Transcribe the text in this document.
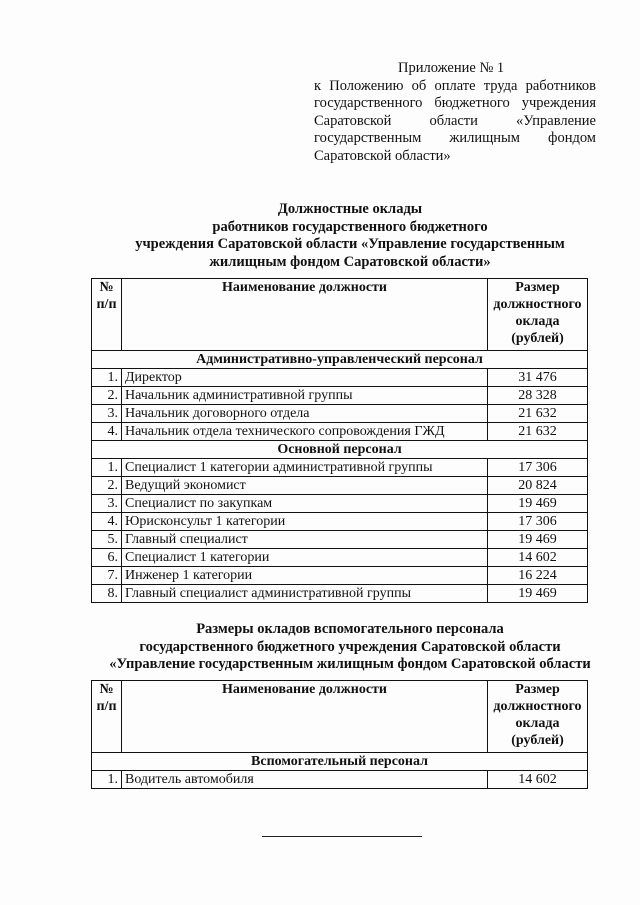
Приложение № 1
к Положению об оплате труда работников
государственного бюджетного учреждения
Саратовской области «Управление
государственным жилищным фондом
Саратовской области»
Должностные оклады
работников государственного бюджетного
учреждения Саратовской области «Управление государственным
жилищным фондом Саратовской области»
№ п/п	Наименование должности	Размер должностного оклада (рублей)
Административно-управленческий персонал		
1.	Директор	31 476
2.	Начальник административной группы	28 328
3.	Начальник договорного отдела	21 632
4.	Начальник отдела технического сопровождения ГЖД	21 632
Основной персонал		
1.	Специалист 1 категории административной группы	17 306
2.	Ведущий экономист	20 824
3.	Специалист по закупкам	19 469
4.	Юрисконсульт 1 категории	17 306
5.	Главный специалист	19 469
6.	Специалист 1 категории	14 602
7.	Инженер 1 категории	16 224
8.	Главный специалист административной группы	19 469
Размеры окладов вспомогательного персонала
государственного бюджетного учреждения Саратовской области
«Управление государственным жилищным фондом Саратовской области
№ п/п	Наименование должности	Размер должностного оклада (рублей)
Вспомогательный персонал		
1.	Водитель автомобиля	14 602
